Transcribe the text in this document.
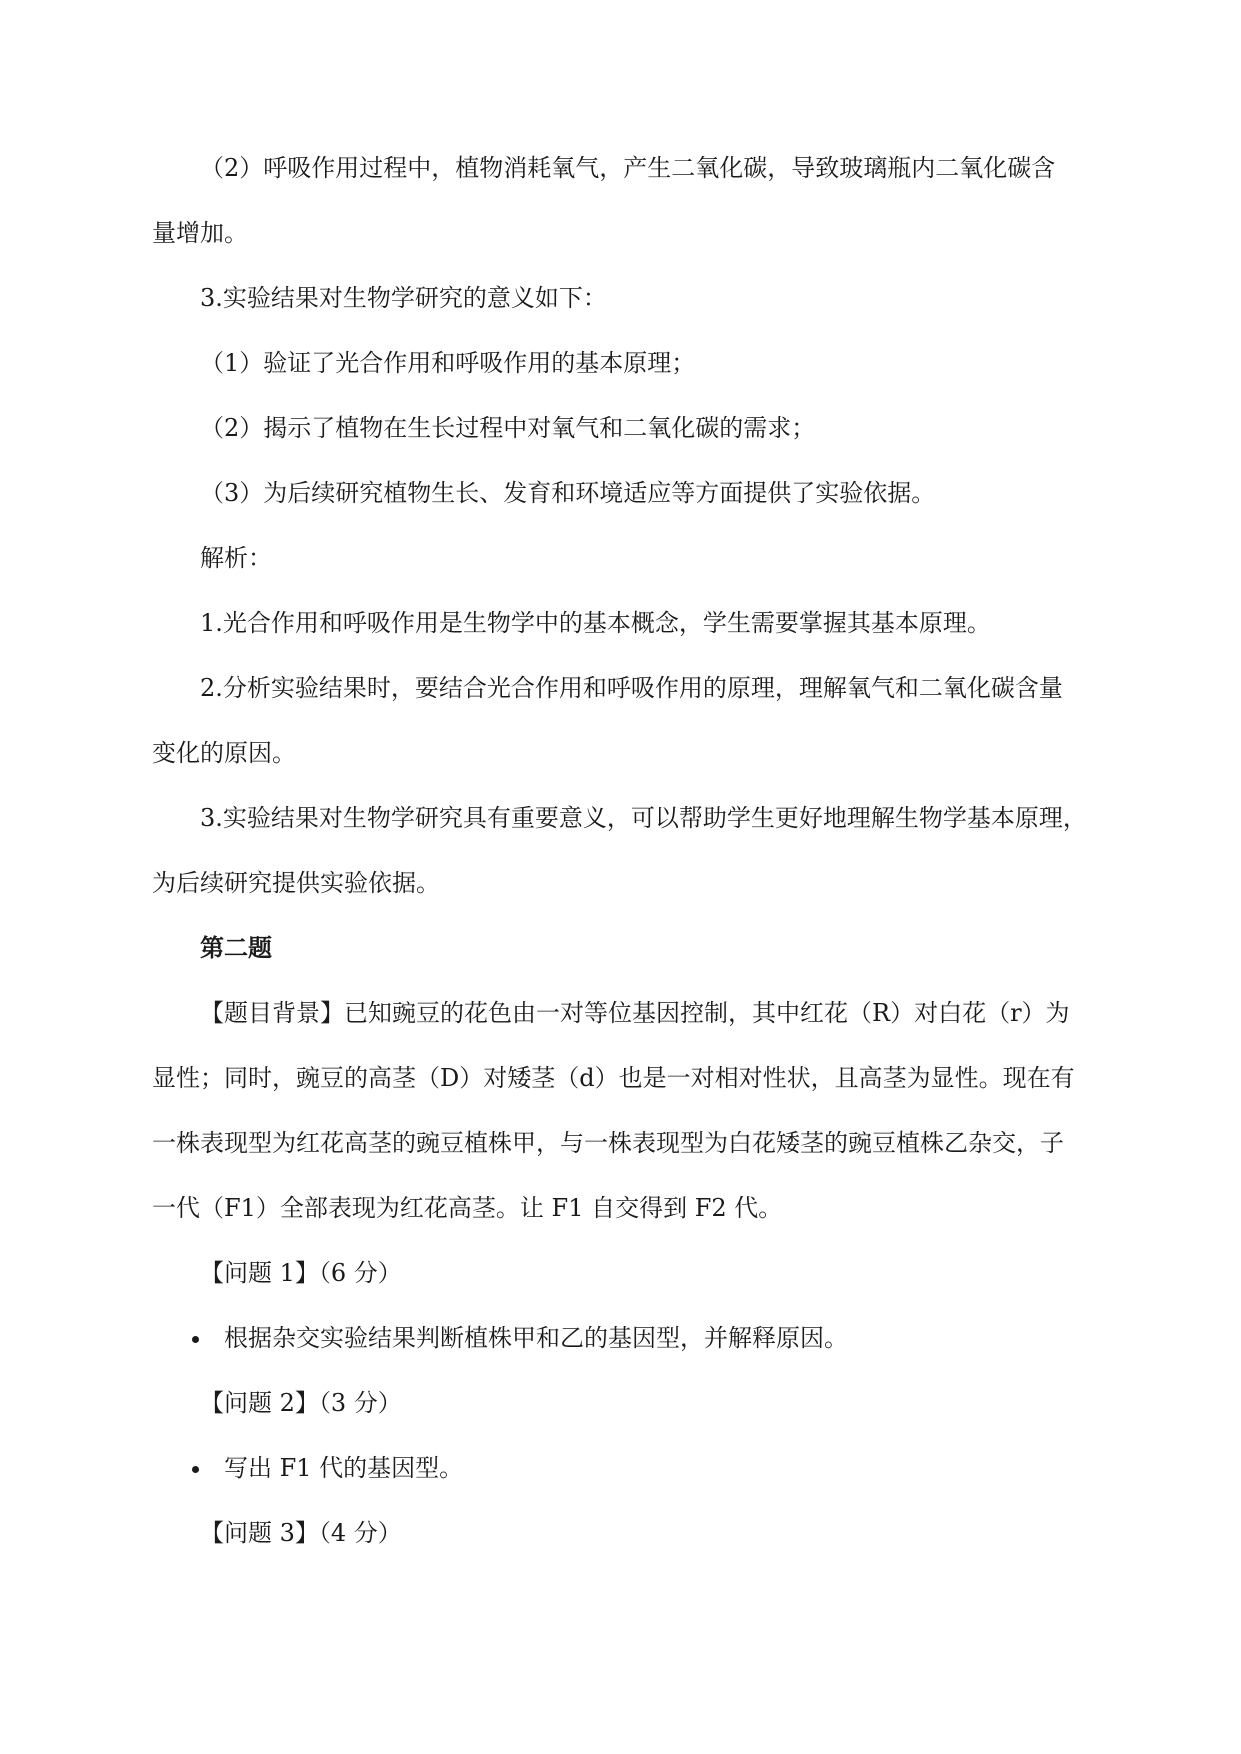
（2）呼吸作用过程中，植物消耗氧气，产生二氧化碳，导致玻璃瓶内二氧化碳含
量增加。
3.实验结果对生物学研究的意义如下：
（1）验证了光合作用和呼吸作用的基本原理；
（2）揭示了植物在生长过程中对氧气和二氧化碳的需求；
（3）为后续研究植物生长、发育和环境适应等方面提供了实验依据。
解析：
1.光合作用和呼吸作用是生物学中的基本概念，学生需要掌握其基本原理。
2.分析实验结果时，要结合光合作用和呼吸作用的原理，理解氧气和二氧化碳含量
变化的原因。
3.实验结果对生物学研究具有重要意义，可以帮助学生更好地理解生物学基本原理，
为后续研究提供实验依据。
第二题
【题目背景】已知豌豆的花色由一对等位基因控制，其中红花（R）对白花（r）为
显性；同时，豌豆的高茎（D）对矮茎（d）也是一对相对性状，且高茎为显性。现在有
一株表现型为红花高茎的豌豆植株甲，与一株表现型为白花矮茎的豌豆植株乙杂交，子
一代（F1）全部表现为红花高茎。让 F1 自交得到 F2 代。
【问题 1】（6 分）
根据杂交实验结果判断植株甲和乙的基因型，并解释原因。
【问题 2】（3 分）
写出 F1 代的基因型。
【问题 3】（4 分）
